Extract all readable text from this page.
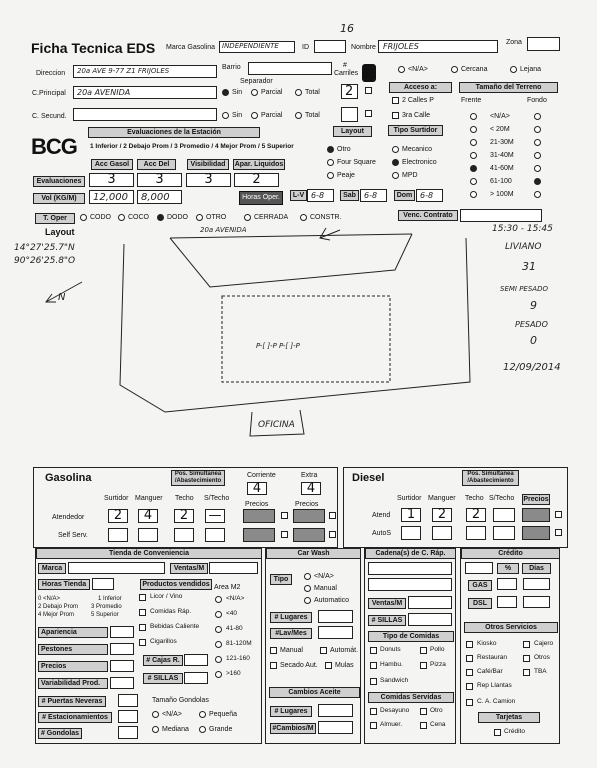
16
Ficha Tecnica EDS Marca Gasolina INDEPENDIENTE	ID	Nombre FRIJOLES	Zona
Direccion 20a AVE 9-77 Z1 FRIJOLES	Barrio	# Carriles
C.Principal 20a AVENIDA
Separador
Sin	Parcial	Total 2
C. Secund.	Sin	Parcial	Total
<N/A>	Cercana	Lejana
Acceso a:
2 Calles P
3ra Calle
Tamaño del Terreno
Frente	Fondo
<N/A>
< 20M
21-30M
31-40M
41-60M
61-100
> 100M
Evaluaciones de la Estación
1 Inferior / 2 Debajo Prom / 3 Promedio / 4 Mejor Prom / 5 Superior
BCG
Layout	Tipo Surtidor
Otro
Four Square
Peaje
Mecanico
Electronico
MPD
Acc Gasol	Acc Del	Visibilidad	Apar. Liquidos
Evaluaciones	3	3	3	2
Vol (KG/M)	12,000 8,000	Horas Oper.	L-V 6-8	Sab	6-8	Dom 6-8
T. Oper	CODO COCO	DODO	OTRO	CERRADA	CONSTR.	Venc. Contrato
Layout
14°27'25.7"N
90°26'25.8"O
N
20a AVENIDA
P-[ ]-P P-[ ]-P
OFICINA
15:30 - 15:45
LIVIANO
31
SEMI PESADO
9
PESADO
0
12/09/2014
Gasolina	Pos. Simultanea /Abastecimiento
Corriente
4
Extra
4
Surtidor Manguer Techo S/Techo
Precios	Precios
Atendedor	2	4	2	—
Self Serv.
Diesel	Pos. Simultanea /Abastecimiento
Surtidor Manguer Techo S/Techo Precios
Atend	1	2	2
AutoS
Tienda de Conveniencia
Marca	Ventas/M
Horas Tienda	Productos vendidos Area M2
0 <N/A>	1 Inferior
2 Debajo Prom 3 Promedio
4 Mejor Prom	5 Superior
Licor / Vino
Comidas Ráp.
Bebidas Caliente
Cigarillos
<N/A>
<40
41-80
81-120M
121-160
>160
Apariencia
Pestones
Precios
Variabilidad Prod.
# Cajas R.
# SILLAS
# Puertas Neveras
# Estacionamientos
# Gondolas
Tamaño Gondolas
<N/A>	Pequeña
Mediana	Grande
Car Wash
Tipo	<N/A>
Manual
Automatico
# Lugares
#Lav/Mes
Manual	Automát.
Secado Aut. Mulas
Cambios Aceite
# Lugares
#Cambios/M
Cadena(s) de C. Ráp.
Ventas/M
# SILLAS
Tipo de Comidas
Donuts	Pollo
Hambu.	Pizza
Sandwich
Comidas Servidas
Desayuno	Otro
Almuer.	Cena
Crédito
%	Días
GAS
DSL
Otros Servicios
Kiosko	Cajero
Restauran	Otros
Café/Bar	TBA
Rep Llantas
C. A. Camion
Tarjetas
Crédito
